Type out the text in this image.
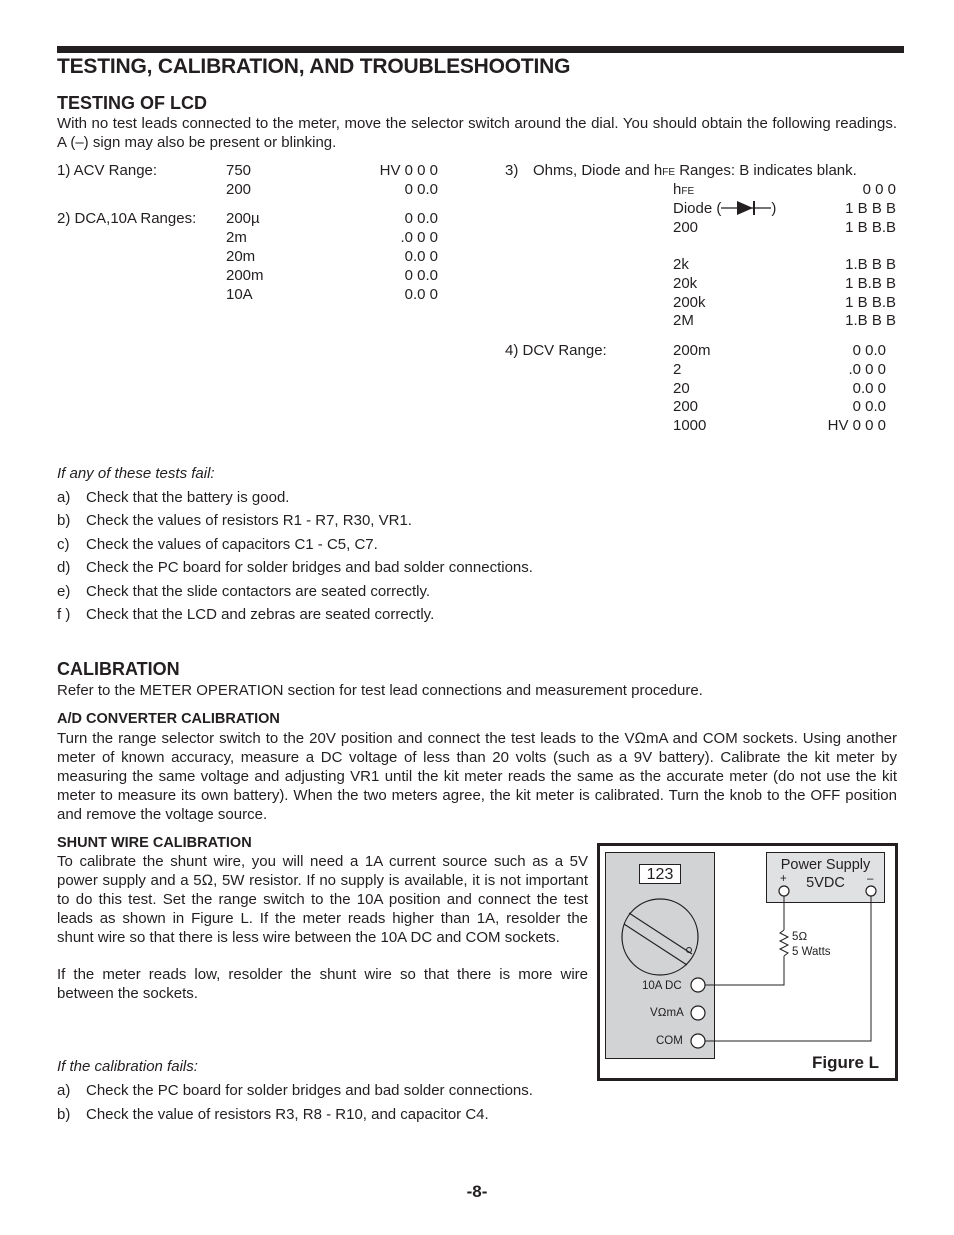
TESTING, CALIBRATION, AND TROUBLESHOOTING
TESTING OF LCD
With no test leads connected to the meter, move the selector switch around the dial. You should obtain the following readings. A (–) sign may also be present or blinking.
1) ACV Range:	750	HV 0 0 0
200	0 0.0
2) DCA,10A Ranges: 200µ	0 0.0
2m	.0 0 0
20m	0.0 0
200m	0 0.0
10A	0.0 0
3) Ohms, Diode and hFE Ranges: B indicates blank.
hFE	0 0 0
Diode (	)	1 B B B
200	1 B B.B
2k	1.B B B
20k	1 B.B B
200k	1 B B.B
2M	1.B B B
4) DCV Range:	200m	0 0.0
2	.0 0 0
20	0.0 0
200	0 0.0
1000	HV 0 0 0
If any of these tests fail:
a) Check that the battery is good.
b) Check the values of resistors R1 - R7, R30, VR1.
c) Check the values of capacitors C1 - C5, C7.
d) Check the PC board for solder bridges and bad solder connections.
e) Check that the slide contactors are seated correctly.
f ) Check that the LCD and zebras are seated correctly.
CALIBRATION
Refer to the METER OPERATION section for test lead connections and measurement procedure.
A/D CONVERTER CALIBRATION
Turn the range selector switch to the 20V position and connect the test leads to the VΩmA and COM sockets. Using another meter of known accuracy, measure a DC voltage of less than 20 volts (such as a 9V battery). Calibrate the kit meter by measuring the same voltage and adjusting VR1 until the kit meter reads the same as the accurate meter (do not use the kit meter to measure its own battery). When the two meters agree, the kit meter is calibrated. Turn the knob to the OFF position and remove the voltage source.
SHUNT WIRE CALIBRATION
To calibrate the shunt wire, you will need a 1A current source such as a 5V power supply and a 5Ω, 5W resistor. If no supply is available, it is not important to do this test. Set the range switch to the 10A position and connect the test leads as shown in Figure L. If the meter reads higher than 1A, resolder the shunt wire so that there is less wire between the 10A DC and COM sockets.
If the meter reads low, resolder the shunt wire so that there is more wire between the sockets.
If the calibration fails:
a) Check the PC board for solder bridges and bad solder connections.
b) Check the value of resistors R3, R8 - R10, and capacitor C4.
123
Power Supply
5VDC
+	–
5Ω
5 Watts
10A DC
VΩmA
COM
Figure L
-8-
